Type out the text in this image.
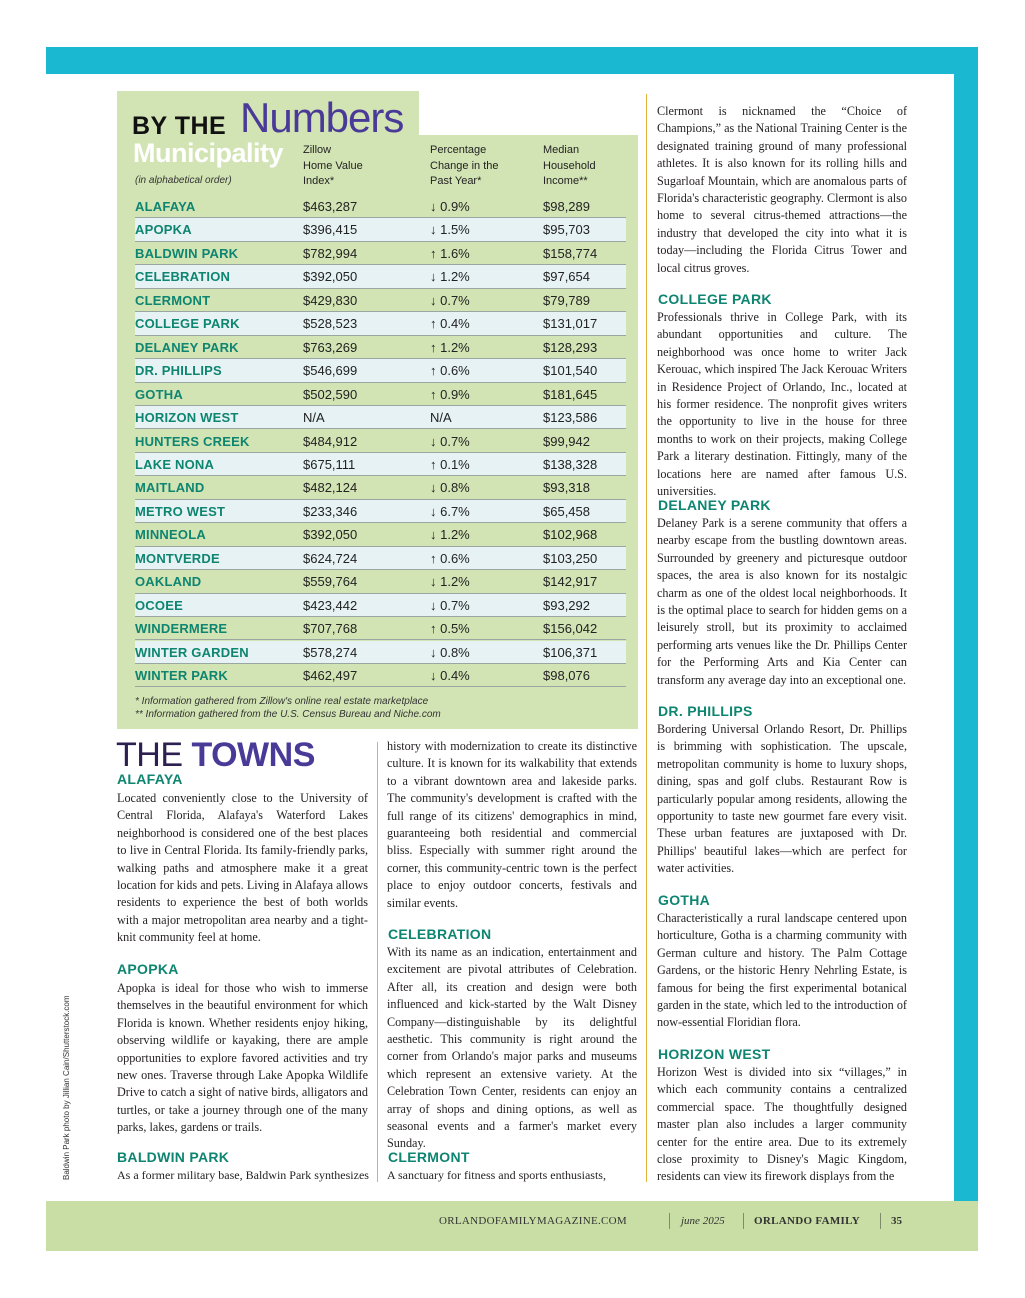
BY THE Numbers
Municipality
(in alphabetical order)
Zillow
Home Value
Index*
Percentage
Change in the
Past Year*
Median
Household
Income**
ALAFAYA	$463,287	↓ 0.9%	$98,289
APOPKA	$396,415	↓ 1.5%	$95,703
BALDWIN PARK	$782,994	↑ 1.6%	$158,774
CELEBRATION	$392,050	↓ 1.2%	$97,654
CLERMONT	$429,830	↓ 0.7%	$79,789
COLLEGE PARK	$528,523	↑ 0.4%	$131,017
DELANEY PARK	$763,269	↑ 1.2%	$128,293
DR. PHILLIPS	$546,699	↑ 0.6%	$101,540
GOTHA	$502,590	↑ 0.9%	$181,645
HORIZON WEST	N/A	N/A	$123,586
HUNTERS CREEK	$484,912	↓ 0.7%	$99,942
LAKE NONA	$675,111	↑ 0.1%	$138,328
MAITLAND	$482,124	↓ 0.8%	$93,318
METRO WEST	$233,346	↓ 6.7%	$65,458
MINNEOLA	$392,050	↓ 1.2%	$102,968
MONTVERDE	$624,724	↑ 0.6%	$103,250
OAKLAND	$559,764	↓ 1.2%	$142,917
OCOEE	$423,442	↓ 0.7%	$93,292
WINDERMERE	$707,768	↑ 0.5%	$156,042
WINTER GARDEN	$578,274	↓ 0.8%	$106,371
WINTER PARK	$462,497	↓ 0.4%	$98,076
* Information gathered from Zillow's online real estate marketplace
** Information gathered from the U.S. Census Bureau and Niche.com
THE TOWNS
ALAFAYA
Located conveniently close to the University of Central Florida, Alafaya's Waterford Lakes neighborhood is considered one of the best places to live in Central Florida. Its family-friendly parks, walking paths and atmosphere make it a great location for kids and pets. Living in Alafaya allows residents to experience the best of both worlds with a major metropolitan area nearby and a tight-knit community feel at home.
APOPKA
Apopka is ideal for those who wish to immerse themselves in the beautiful environment for which Florida is known. Whether residents enjoy hiking, observing wildlife or kayaking, there are ample opportunities to explore favored activities and try new ones. Traverse through Lake Apopka Wildlife Drive to catch a sight of native birds, alligators and turtles, or take a journey through one of the many parks, lakes, gardens or trails.
BALDWIN PARK
As a former military base, Baldwin Park synthesizes
history with modernization to create its distinctive culture. It is known for its walkability that extends to a vibrant downtown area and lakeside parks. The community's development is crafted with the full range of its citizens' demographics in mind, guaranteeing both residential and commercial bliss. Especially with summer right around the corner, this community-centric town is the perfect place to enjoy outdoor concerts, festivals and similar events.
CELEBRATION
With its name as an indication, entertainment and excitement are pivotal attributes of Celebration. After all, its creation and design were both influenced and kick-started by the Walt Disney Company—distinguishable by its delightful aesthetic. This community is right around the corner from Orlando's major parks and museums which represent an extensive variety. At the Celebration Town Center, residents can enjoy an array of shops and dining options, as well as seasonal events and a farmer's market every Sunday.
CLERMONT
A sanctuary for fitness and sports enthusiasts,
Clermont is nicknamed the “Choice of Champions,” as the National Training Center is the designated training ground of many professional athletes. It is also known for its rolling hills and Sugarloaf Mountain, which are anomalous parts of Florida's characteristic geography. Clermont is also home to several citrus-themed attractions—the industry that developed the city into what it is today—including the Florida Citrus Tower and local citrus groves.
COLLEGE PARK
Professionals thrive in College Park, with its abundant opportunities and culture. The neighborhood was once home to writer Jack Kerouac, which inspired The Jack Kerouac Writers in Residence Project of Orlando, Inc., located at his former residence. The nonprofit gives writers the opportunity to live in the house for three months to work on their projects, making College Park a literary destination. Fittingly, many of the locations here are named after famous U.S. universities.
DELANEY PARK
Delaney Park is a serene community that offers a nearby escape from the bustling downtown areas. Surrounded by greenery and picturesque outdoor spaces, the area is also known for its nostalgic charm as one of the oldest local neighborhoods. It is the optimal place to search for hidden gems on a leisurely stroll, but its proximity to acclaimed performing arts venues like the Dr. Phillips Center for the Performing Arts and Kia Center can transform any average day into an exceptional one.
DR. PHILLIPS
Bordering Universal Orlando Resort, Dr. Phillips is brimming with sophistication. The upscale, metropolitan community is home to luxury shops, dining, spas and golf clubs. Restaurant Row is particularly popular among residents, allowing the opportunity to taste new gourmet fare every visit. These urban features are juxtaposed with Dr. Phillips' beautiful lakes—which are perfect for water activities.
GOTHA
Characteristically a rural landscape centered upon horticulture, Gotha is a charming community with German culture and history. The Palm Cottage Gardens, or the historic Henry Nehrling Estate, is famous for being the first experimental botanical garden in the state, which led to the introduction of now-essential Floridian flora.
HORIZON WEST
Horizon West is divided into six “villages,” in which each community contains a centralized commercial space. The thoughtfully designed master plan also includes a larger community center for the entire area. Due to its extremely close proximity to Disney's Magic Kingdom, residents can view its firework displays from the
Baldwin Park photo by Jillian Cain/Shutterstock.com
ORLANDOFAMILYMAGAZINE.COM	june 2025	ORLANDO FAMILY	35
